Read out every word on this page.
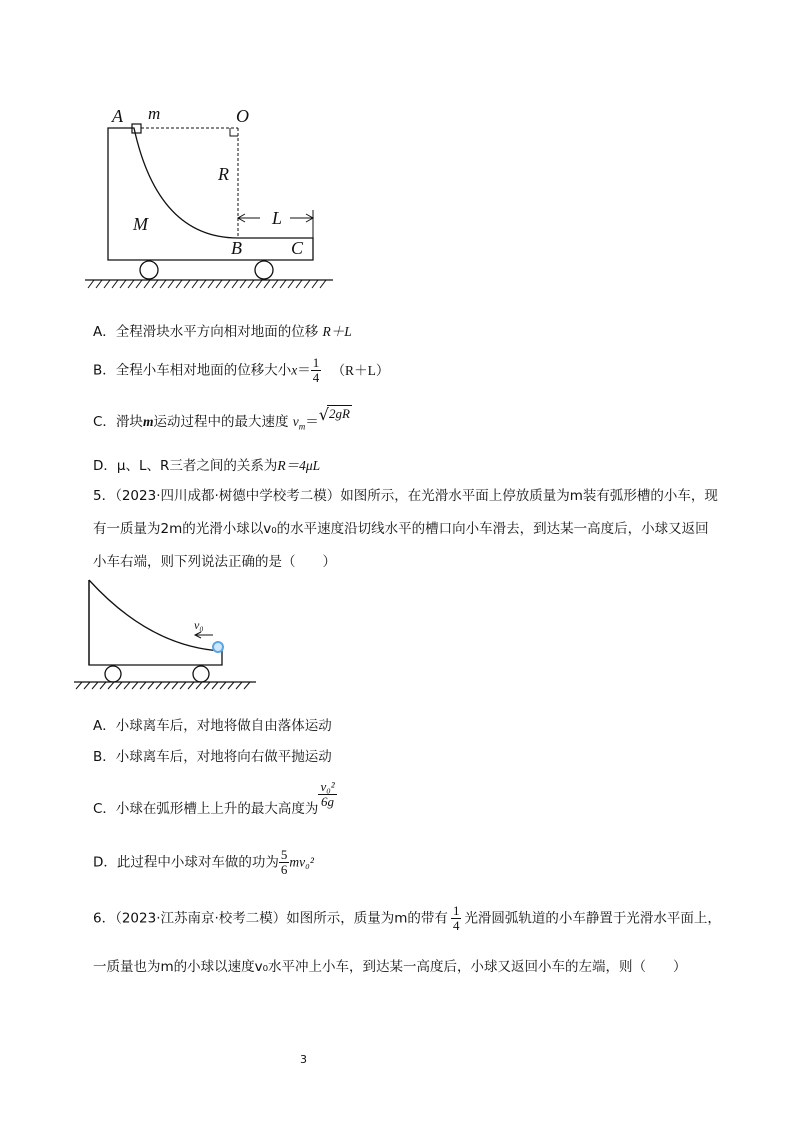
A m	O
R
M	L
B	C
A．全程滑块水平方向相对地面的位移 R＋L
B．全程小车相对地面的位移大小$x= \frac{1}{4} (R+L)$
C．滑块m运动过程中的最大速度 $v_m=√2gR$
D．μ、L、R三者之间的关系为R＝4μL
5．（2023·四川成都·树德中学校考二模）如图所示，在光滑水平面上停放质量为m装有弧形槽的小车，现
有一质量为2m的光滑小球以v₀的水平速度沿切线水平的槽口向小车滑去，到达某一高度后，小球又返回
小车右端，则下列说法正确的是（　　）
v₀
A．小球离车后，对地将做自由落体运动
B．小球离车后，对地将向右做平抛运动
C．小球在弧形槽上上升的最大高度为 $\frac{\text{v₀²}}{6g}$
D．此过程中小球对车做的功为 $\frac{5}{6} mv_0^2$
6．（2023·江苏南京·校考二模）如图所示，质量为m的带有 $\frac{1}{4}$ 光滑圆弧轨道的小车静置于光滑水平面上，
一质量也为m的小球以速度v₀水平冲上小车，到达某一高度后，小球又返回小车的左端，则（　　）
3
